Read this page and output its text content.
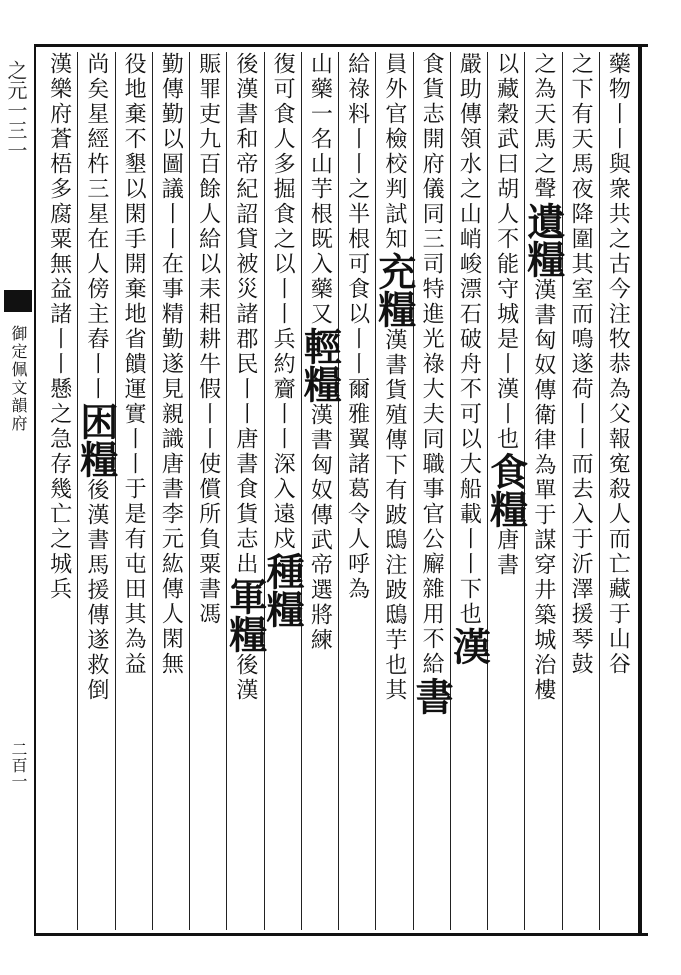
之元一三一
御定佩文韻府
二百一
藥物丨丨與衆共之古今注牧恭為父報寃殺人而亡藏于山谷
之下有天馬夜降圍其室而鳴遂荷丨丨而去入于沂澤援琴鼓
之為天馬之聲遺糧漢書匈奴傳衛律為單于謀穿井築城治樓
以藏穀武曰胡人不能守城是丨漢丨也食糧唐書
嚴助傳領水之山峭峻漂石破舟不可以大船載丨丨下也漢
食貨志開府儀同三司特進光祿大夫同職事官公廨雜用不給書
員外官檢校判試知充糧漢書貨殖傳下有跛鴟注跛鴟芋也其
給祿料丨丨之半根可食以丨丨爾雅翼諸葛令人呼為
山藥一名山芋根既入藥又輕糧漢書匈奴傳武帝選將練
復可食人多掘食之以丨丨兵約齎丨丨深入遠戍種糧
後漢書和帝紀詔貸被災諸郡民丨丨唐書食貨志出軍糧後漢
賑罪吏九百餘人給以耒耜耕牛假丨丨使償所負粟書馮
勤傳勤以圖議丨丨在事精勤遂見親識唐書李元紘傳人閑無
役地棄不墾以閑手開棄地省饋運實丨丨于是有屯田其為益
尚矣星經杵三星在人傍主舂丨丨困糧後漢書馬援傳遂救倒
漢樂府蒼梧多腐粟無益諸丨丨懸之急存幾亡之城兵
